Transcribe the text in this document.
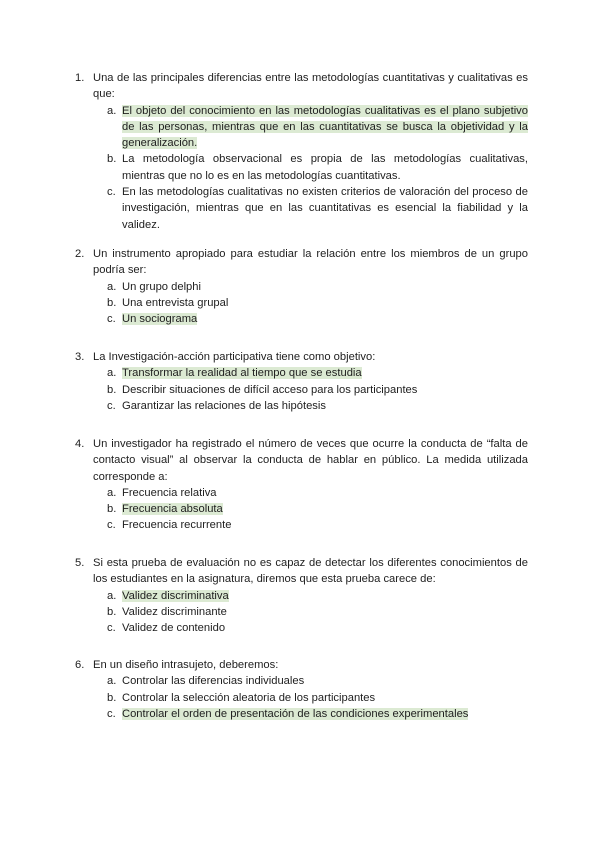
1. Una de las principales diferencias entre las metodologías cuantitativas y cualitativas es que:
a. El objeto del conocimiento en las metodologías cualitativas es el plano subjetivo de las personas, mientras que en las cuantitativas se busca la objetividad y la generalización.
b. La metodología observacional es propia de las metodologías cualitativas, mientras que no lo es en las metodologías cuantitativas.
c. En las metodologías cualitativas no existen criterios de valoración del proceso de investigación, mientras que en las cuantitativas es esencial la fiabilidad y la validez.
2. Un instrumento apropiado para estudiar la relación entre los miembros de un grupo podría ser:
a. Un grupo delphi
b. Una entrevista grupal
c. Un sociograma
3. La Investigación-acción participativa tiene como objetivo:
a. Transformar la realidad al tiempo que se estudia
b. Describir situaciones de difícil acceso para los participantes
c. Garantizar las relaciones de las hipótesis
4. Un investigador ha registrado el número de veces que ocurre la conducta de “falta de contacto visual” al observar la conducta de hablar en público. La medida utilizada corresponde a:
a. Frecuencia relativa
b. Frecuencia absoluta
c. Frecuencia recurrente
5. Si esta prueba de evaluación no es capaz de detectar los diferentes conocimientos de los estudiantes en la asignatura, diremos que esta prueba carece de:
a. Validez discriminativa
b. Validez discriminante
c. Validez de contenido
6. En un diseño intrasujeto, deberemos:
a. Controlar las diferencias individuales
b. Controlar la selección aleatoria de los participantes
c. Controlar el orden de presentación de las condiciones experimentales
